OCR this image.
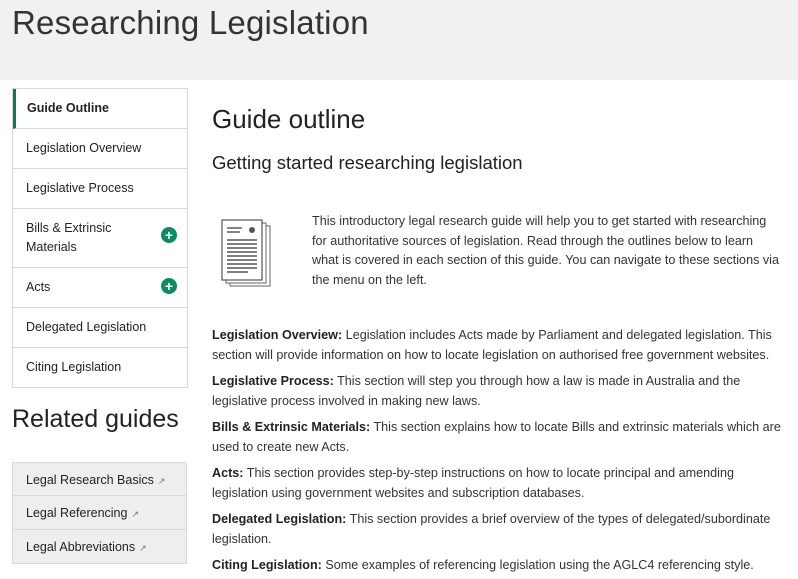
Researching Legislation
Guide Outline
Legislation Overview
Legislative Process
Bills & Extrinsic Materials
+
Acts	+
Delegated Legislation
Citing Legislation
Related guides
Legal Research Basics ↗
Legal Referencing ↗
Legal Abbreviations ↗
Guide outline
Getting started researching legislation

This introductory legal research guide will help you to get started with researching for authoritative sources of legislation. Read through the outlines below to learn what is covered in each section of this guide. You can navigate to these sections via the menu on the left.

Legislation Overview: Legislation includes Acts made by Parliament and delegated legislation. This section will provide information on how to locate legislation on authorised free government websites.

Legislative Process: This section will step you through how a law is made in Australia and the legislative process involved in making new laws.

Bills & Extrinsic Materials: This section explains how to locate Bills and extrinsic materials which are used to create new Acts.

Acts: This section provides step-by-step instructions on how to locate principal and amending legislation using government websites and subscription databases.

Delegated Legislation: This section provides a brief overview of the types of delegated/subordinate legislation.

Citing Legislation: Some examples of referencing legislation using the AGLC4 referencing style.
